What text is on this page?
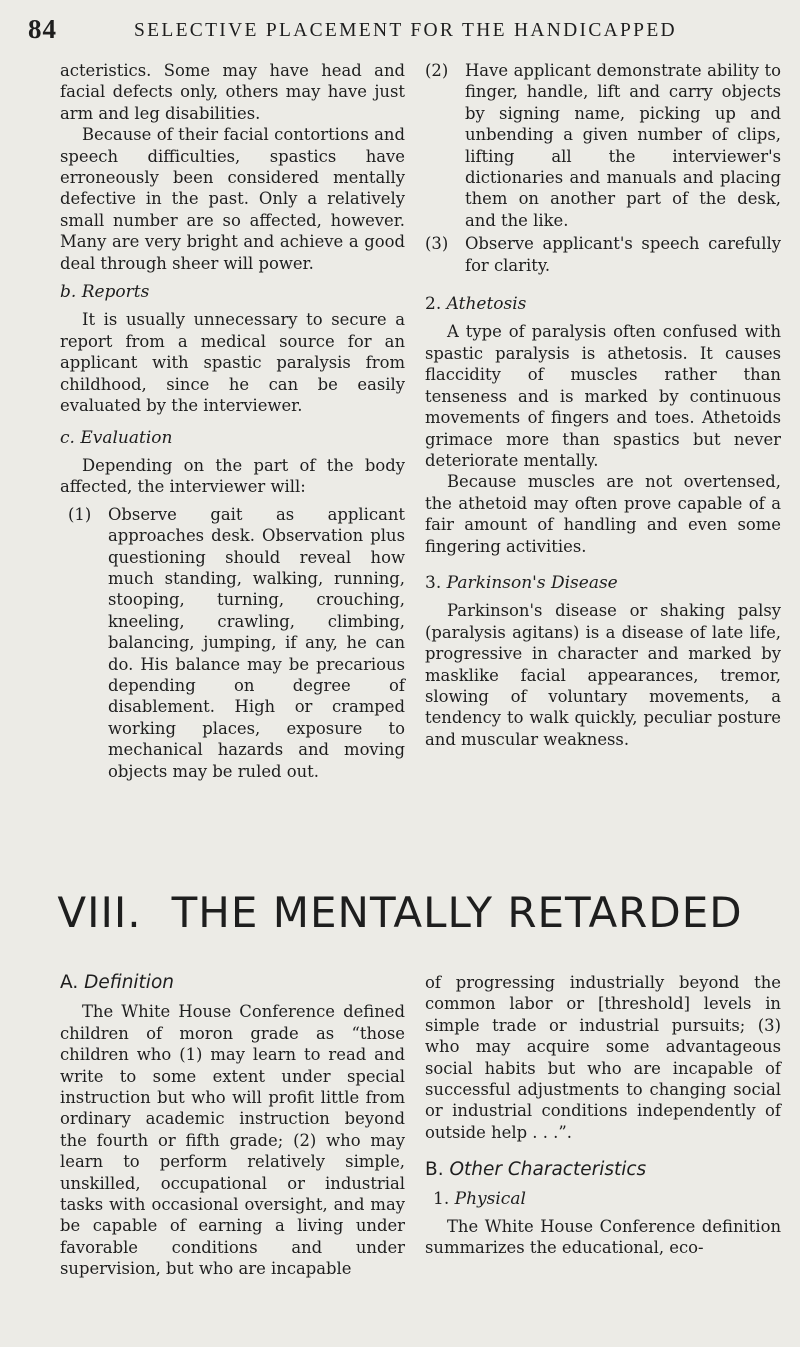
84	SELECTIVE PLACEMENT FOR THE HANDICAPPED

acteristics. Some may have head and facial defects only, others may have just arm and leg disabilities.

Because of their facial contortions and speech difficulties, spastics have erroneously been considered mentally defective in the past. Only a relatively small number are so affected, however. Many are very bright and achieve a good deal through sheer will power.

b. Reports

It is usually unnecessary to secure a report from a medical source for an applicant with spastic paralysis from childhood, since he can be easily evaluated by the interviewer.

c. Evaluation

Depending on the part of the body affected, the interviewer will:

(1)	Observe gait as applicant approaches desk. Observation plus questioning should reveal how much standing, walking, running, stooping, turning, crouching, kneeling, crawling, climbing, balancing, jumping, if any, he can do. His balance may be precarious depending on degree of disablement. High or cramped working places, exposure to mechanical hazards and moving objects may be ruled out.
(2)	Have applicant demonstrate ability to finger, handle, lift and carry objects by signing name, picking up and unbending a given number of clips, lifting all the interviewer's dictionaries and manuals and placing them on another part of the desk, and the like.
(3)	Observe applicant's speech carefully for clarity.
2. Athetosis

A type of paralysis often confused with spastic paralysis is athetosis. It causes flaccidity of muscles rather than tenseness and is marked by continuous movements of fingers and toes. Athetoids grimace more than spastics but never deteriorate mentally.

Because muscles are not overtensed, the athetoid may often prove capable of a fair amount of handling and even some fingering activities.

3. Parkinson's Disease

Parkinson's disease or shaking palsy (paralysis agitans) is a disease of late life, progressive in character and marked by masklike facial appearances, tremor, slowing of voluntary movements, a tendency to walk quickly, peculiar posture and muscular weakness.

VIII. THE MENTALLY RETARDED
A. Definition

The White House Conference defined children of moron grade as “those children who (1) may learn to read and write to some extent under special instruction but who will profit little from ordinary academic instruction beyond the fourth or fifth grade; (2) who may learn to perform relatively simple, unskilled, occupational or industrial tasks with occasional oversight, and may be capable of earning a living under favorable conditions and under supervision, but who are incapable

of progressing industrially beyond the common labor or [threshold] levels in simple trade or industrial pursuits; (3) who may acquire some advantageous social habits but who are incapable of successful adjustments to changing social or industrial conditions independently of outside help . . .”.

B. Other Characteristics
1. Physical

The White House Conference definition summarizes the educational, eco-
